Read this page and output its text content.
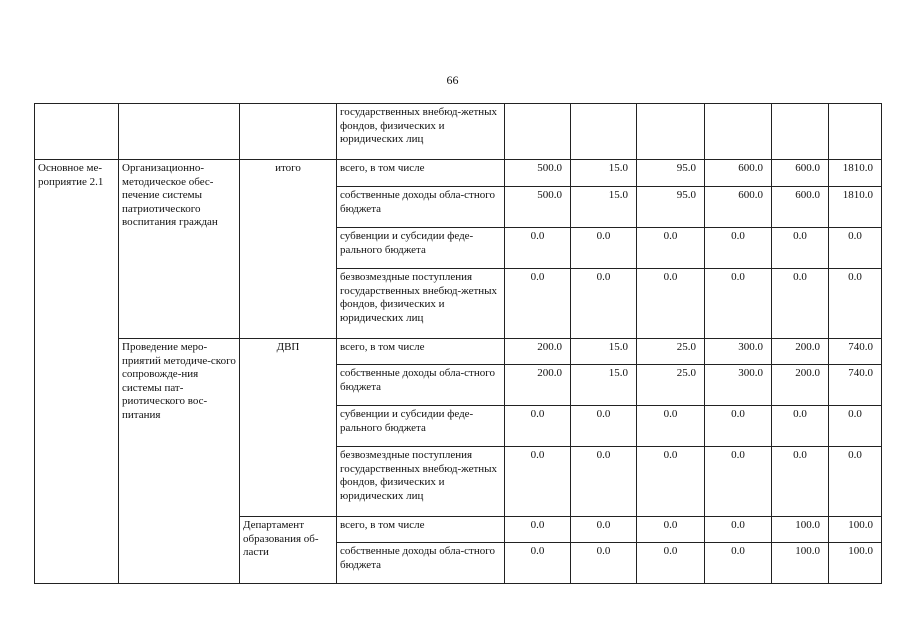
66
			государственных внебюд-жетных фондов, физических и юридических лиц						
Основное ме-роприятие 2.1	Организационно-методическое обес-печение системы патриотического воспитания граждан	итого	всего, в том числе	500.0	15.0	95.0	600.0	600.0	1810.0
			собственные доходы обла-стного бюджета	500.0	15.0	95.0	600.0	600.0	1810.0
			субвенции и субсидии феде-рального бюджета	0.0	0.0	0.0	0.0	0.0	0.0
			безвозмездные поступления государственных внебюд-жетных фондов, физических и юридических лиц	0.0	0.0	0.0	0.0	0.0	0.0
	Проведение меро-приятий методиче-ского сопровожде-ния системы пат-риотического вос-питания	ДВП	всего, в том числе	200.0	15.0	25.0	300.0	200.0	740.0
			собственные доходы обла-стного бюджета	200.0	15.0	25.0	300.0	200.0	740.0
			субвенции и субсидии феде-рального бюджета	0.0	0.0	0.0	0.0	0.0	0.0
			безвозмездные поступления государственных внебюд-жетных фондов, физических и юридических лиц	0.0	0.0	0.0	0.0	0.0	0.0
		Департамент образования об-ласти	всего, в том числе	0.0	0.0	0.0	0.0	100.0	100.0
			собственные доходы обла-стного бюджета	0.0	0.0	0.0	0.0	100.0	100.0
